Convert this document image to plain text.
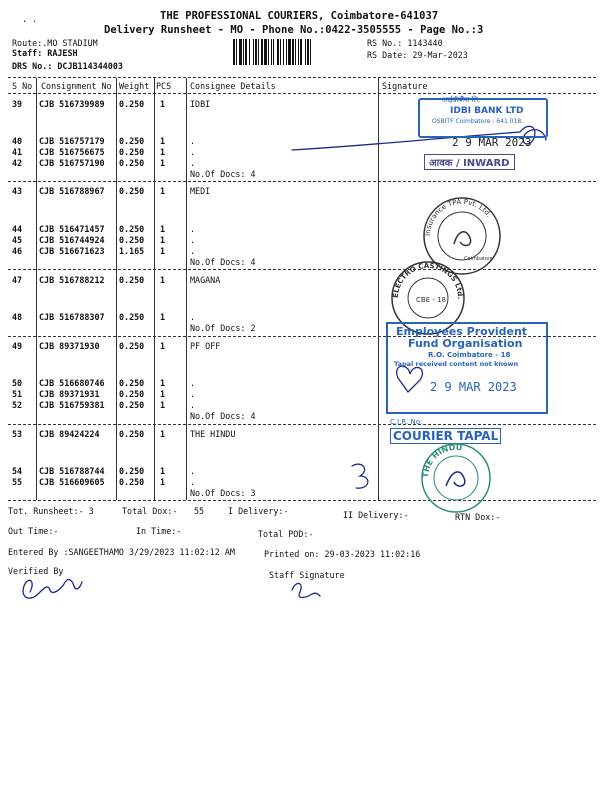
. .	THE PROFESSIONAL COURIERS, Coimbatore-641037
Delivery Runsheet - MO - Phone No.:0422-3505555 - Page No.:3
Route:.MO STADIUM
Staff: RAJESH
DRS No.: DCJB114344003
RS No.: 1143440
RS Date: 29-Mar-2023
S No Consignment No Weight PCS Consignee Details	Signature
39 CJB 516739989 0.250 1	IDBI
40 CJB 516757179 0.250 1	.
41 CJB 516756675 0.250 1	.
42 CJB 516757190 0.250 1	.
No.Of Docs: 4
43 CJB 516788967 0.250 1	MEDI
44 CJB 516471457 0.250 1	.
45 CJB 516744924 0.250 1	.
46 CJB 516671623 1.165 1	.
No.Of Docs: 4
47 CJB 516788212 0.250 1	MAGANA
48 CJB 516788307 0.250 1	.
No.Of Docs: 2
49 CJB 89371930 0.250 1	PF OFF
50 CJB 516680746 0.250 1	.
51 CJB 89371931 0.250 1	.
52 CJB 516759381 0.250 1	.
No.Of Docs: 4
53 CJB 89424224 0.250 1	THE HINDU
54 CJB 516788744 0.250 1	.
55 CJB 516609605 0.250 1	.
No.Of Docs: 3
Tot. Runsheet:- 3	Total Dox:- 55	I Delivery:-	II Delivery:-	RTN Dox:-
Out Time:-	In Time:-	Total POD:-
Entered By :SANGEETHAMO 3/29/2023 11:02:12 AM	Printed on: 29-03-2023 11:02:16
Verified By	Staff Signature
आईडीबीैंक लि.
IDBI BANK LTD
OSBITF Coimbatore - 641 018.
2 9 MAR 2023
आवक / INWARD
Insurance TPA Pvt. Ltd.
Coimbatore
ELECTRO CASTINGS Ltd.
CBE - 18
Employees Provident
Fund Organisation
R.O. Coimbatore - 18
Tapal received content not known
2 9 MAR 2023
C.I.R. No:
COURIER TAPAL
THE HINDU
